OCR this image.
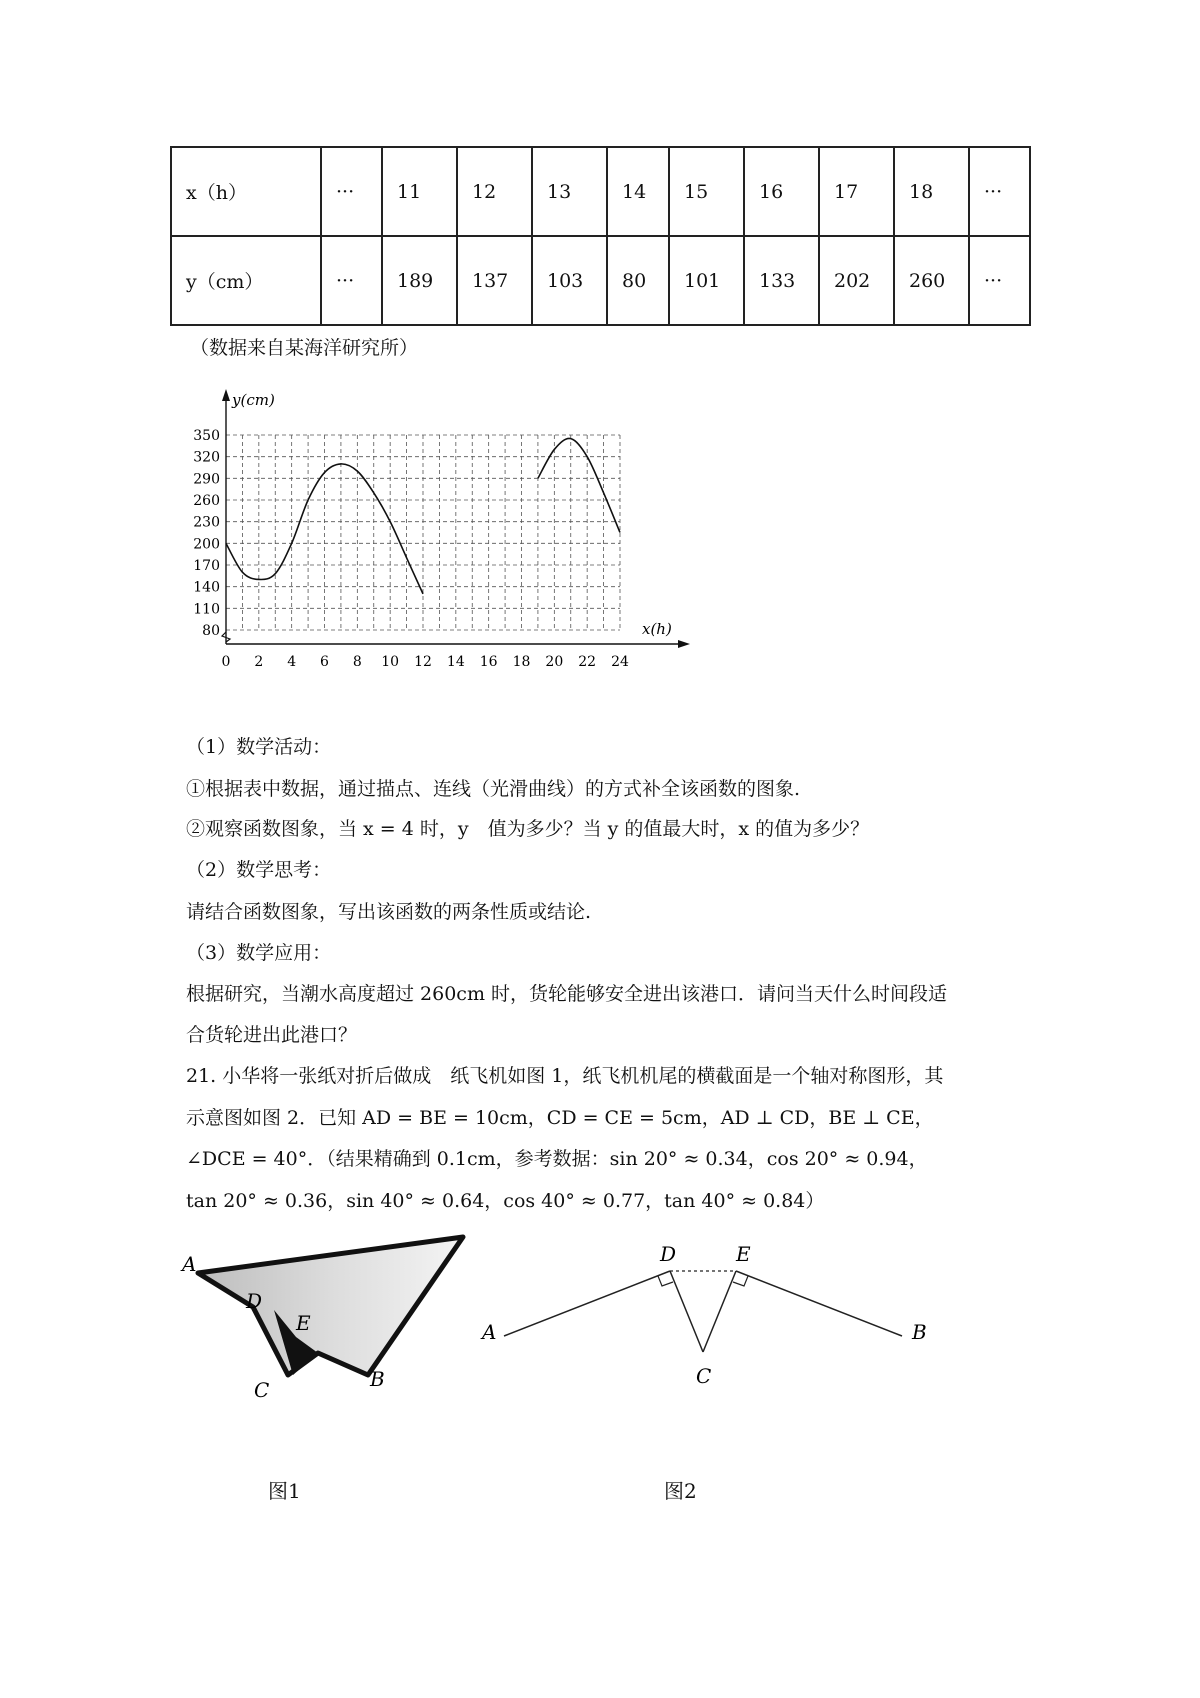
x（h）	···	11	12	13	14	15	16	17	18	···
y（cm）	···	189	137	103	80	101	133	202	260	···
（数据来自某海洋研究所）
y(cm)
x(h)
80
110
140
170
200
230
260
290
320
350
0 2 4 6 8 10 12 14 16 18 20 22 24
（1）数学活动：
①根据表中数据，通过描点、连线（光滑曲线）的方式补全该函数的图象.
②观察函数图象，当 x = 4 时，y　值为多少？当 y 的值最大时，x 的值为多少？
（2）数学思考：
请结合函数图象，写出该函数的两条性质或结论.
（3）数学应用：
根据研究，当潮水高度超过 260cm 时，货轮能够安全进出该港口．请问当天什么时间段适
合货轮进出此港口？
21. 小华将一张纸对折后做成　纸飞机如图 1，纸飞机机尾的横截面是一个轴对称图形，其
示意图如图 2．已知 AD = BE = 10cm，CD = CE = 5cm，AD ⊥ CD，BE ⊥ CE，
∠DCE = 40°．（结果精确到 0.1cm，参考数据：sin 20° ≈ 0.34，cos 20° ≈ 0.94，
tan 20° ≈ 0.36，sin 40° ≈ 0.64，cos 40° ≈ 0.77，tan 40° ≈ 0.84）
A
D
E
C	B
A
D	E
C
B
图1	图2
